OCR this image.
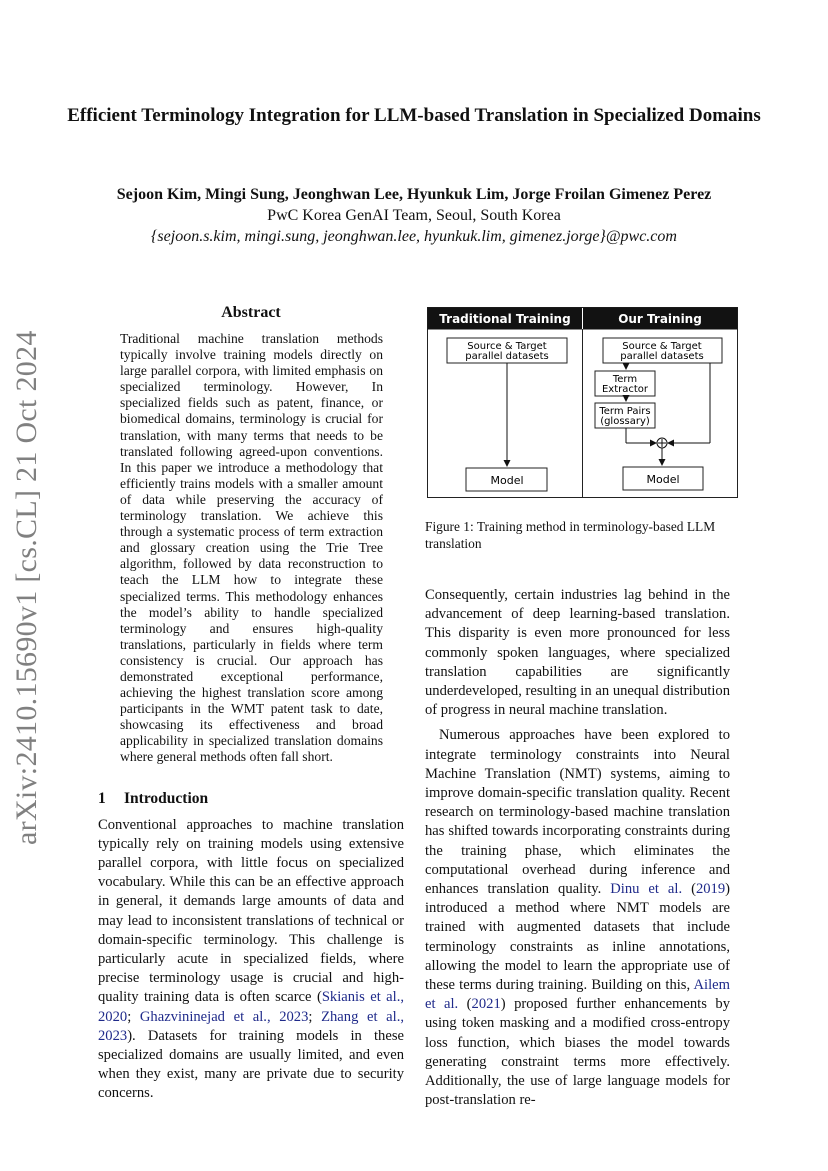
arXiv:2410.15690v1 [cs.CL] 21 Oct 2024
Efficient Terminology Integration for LLM-based Translation in Specialized Domains
Sejoon Kim, Mingi Sung, Jeonghwan Lee, Hyunkuk Lim, Jorge Froilan Gimenez Perez
PwC Korea GenAI Team, Seoul, South Korea
{sejoon.s.kim, mingi.sung, jeonghwan.lee, hyunkuk.lim, gimenez.jorge}@pwc.com
Abstract

Traditional machine translation methods typically involve training models directly on large parallel corpora, with limited emphasis on specialized terminology. However, In specialized fields such as patent, finance, or biomedical domains, terminology is crucial for translation, with many terms that needs to be translated following agreed-upon conventions. In this paper we introduce a methodology that efficiently trains models with a smaller amount of data while preserving the accuracy of terminology translation. We achieve this through a systematic process of term extraction and glossary creation using the Trie Tree algorithm, followed by data reconstruction to teach the LLM how to integrate these specialized terms. This methodology enhances the model’s ability to handle specialized terminology and ensures high-quality translations, particularly in fields where term consistency is crucial. Our approach has demonstrated exceptional performance, achieving the highest translation score among participants in the WMT patent task to date, showcasing its effectiveness and broad applicability in specialized translation domains where general methods often fall short.

1 Introduction

Conventional approaches to machine translation typically rely on training models using extensive parallel corpora, with little focus on specialized vocabulary. While this can be an effective approach in general, it demands large amounts of data and may lead to inconsistent translations of technical or domain-specific terminology. This challenge is particularly acute in specialized fields, where precise terminology usage is crucial and high-quality training data is often scarce (Skianis et al., 2020; Ghazvininejad et al., 2023; Zhang et al., 2023). Datasets for training models in these specialized domains are usually limited, and even when they exist, many are private due to security concerns.

Traditional Training	Our Training
Source & Target
parallel datasets
Model
Source & Target
parallel datasets
Term
Extractor
Term Pairs
(glossary)
Model
Figure 1: Training method in terminology-based LLM translation

Consequently, certain industries lag behind in the advancement of deep learning-based translation. This disparity is even more pronounced for less commonly spoken languages, where specialized translation capabilities are significantly underdeveloped, resulting in an unequal distribution of progress in neural machine translation.

Numerous approaches have been explored to integrate terminology constraints into Neural Machine Translation (NMT) systems, aiming to improve domain-specific translation quality. Recent research on terminology-based machine translation has shifted towards incorporating constraints during the training phase, which eliminates the computational overhead during inference and enhances translation quality. Dinu et al. (2019) introduced a method where NMT models are trained with augmented datasets that include terminology constraints as inline annotations, allowing the model to learn the appropriate use of these terms during training. Building on this, Ailem et al. (2021) proposed further enhancements by using token masking and a modified cross-entropy loss function, which biases the model towards generating constraint terms more effectively. Additionally, the use of large language models for post-translation re-
